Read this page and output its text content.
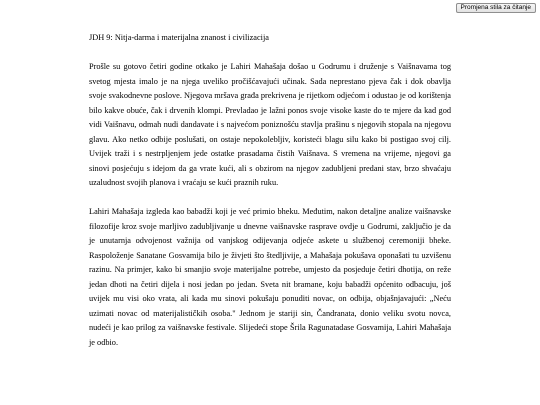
Promjena stila za čitanje
JDH 9: Nitja-darma i materijalna znanost i civilizacija

Prošle su gotovo četiri godine otkako je Lahiri Mahašaja došao u Godrumu i druženje s Vaišnavama tog svetog mjesta imalo je na njega uveliko pročišćavajući učinak. Sada neprestano pjeva čak i dok obavlja svoje svakodnevne poslove. Njegova mršava građa prekrivena je rijetkom odjećom i odustao je od korištenja bilo kakve obuće, čak i drvenih klompi. Prevladao je lažni ponos svoje visoke kaste do te mjere da kad god vidi Vaišnavu, odmah nudi dandavate i s najvećom poniznošću stavlja prašinu s njegovih stopala na njegovu glavu. Ako netko odbije poslušati, on ostaje nepokolebljiv, koristeći blagu silu kako bi postigao svoj cilj. Uvijek traži i s nestrpljenjem jede ostatke prasadama čistih Vaišnava. S vremena na vrijeme, njegovi ga sinovi posjećuju s idejom da ga vrate kući, ali s obzirom na njegov zadubljeni predani stav, brzo shvaćaju uzaludnost svojih planova i vraćaju se kući praznih ruku.

Lahiri Mahašaja izgleda kao babadži koji je već primio bheku. Međutim, nakon detaljne analize vaišnavske filozofije kroz svoje marljivo zadubljivanje u dnevne vaišnavske rasprave ovdje u Godrumi, zaključio je da je unutarnja odvojenost važnija od vanjskog odijevanja odjeće askete u službenoj ceremoniji bheke. Raspoloženje Sanatane Gosvamija bilo je živjeti što štedljivije, a Mahašaja pokušava oponašati tu uzvišenu razinu. Na primjer, kako bi smanjio svoje materijalne potrebe, umjesto da posjeduje četiri dhotija, on reže jedan dhoti na četiri dijela i nosi jedan po jedan. Sveta nit bramane, koju babadži općenito odbacuju, još uvijek mu visi oko vrata, ali kada mu sinovi pokušaju ponuditi novac, on odbija, objašnjavajući: „Neću uzimati novac od materijalističkih osoba." Jednom je stariji sin, Čandranata, donio veliku svotu novca, nudeći je kao prilog za vaišnavske festivale. Slijedeći stope Šrila Ragunatadase Gosvamija, Lahiri Mahašaja je odbio.
